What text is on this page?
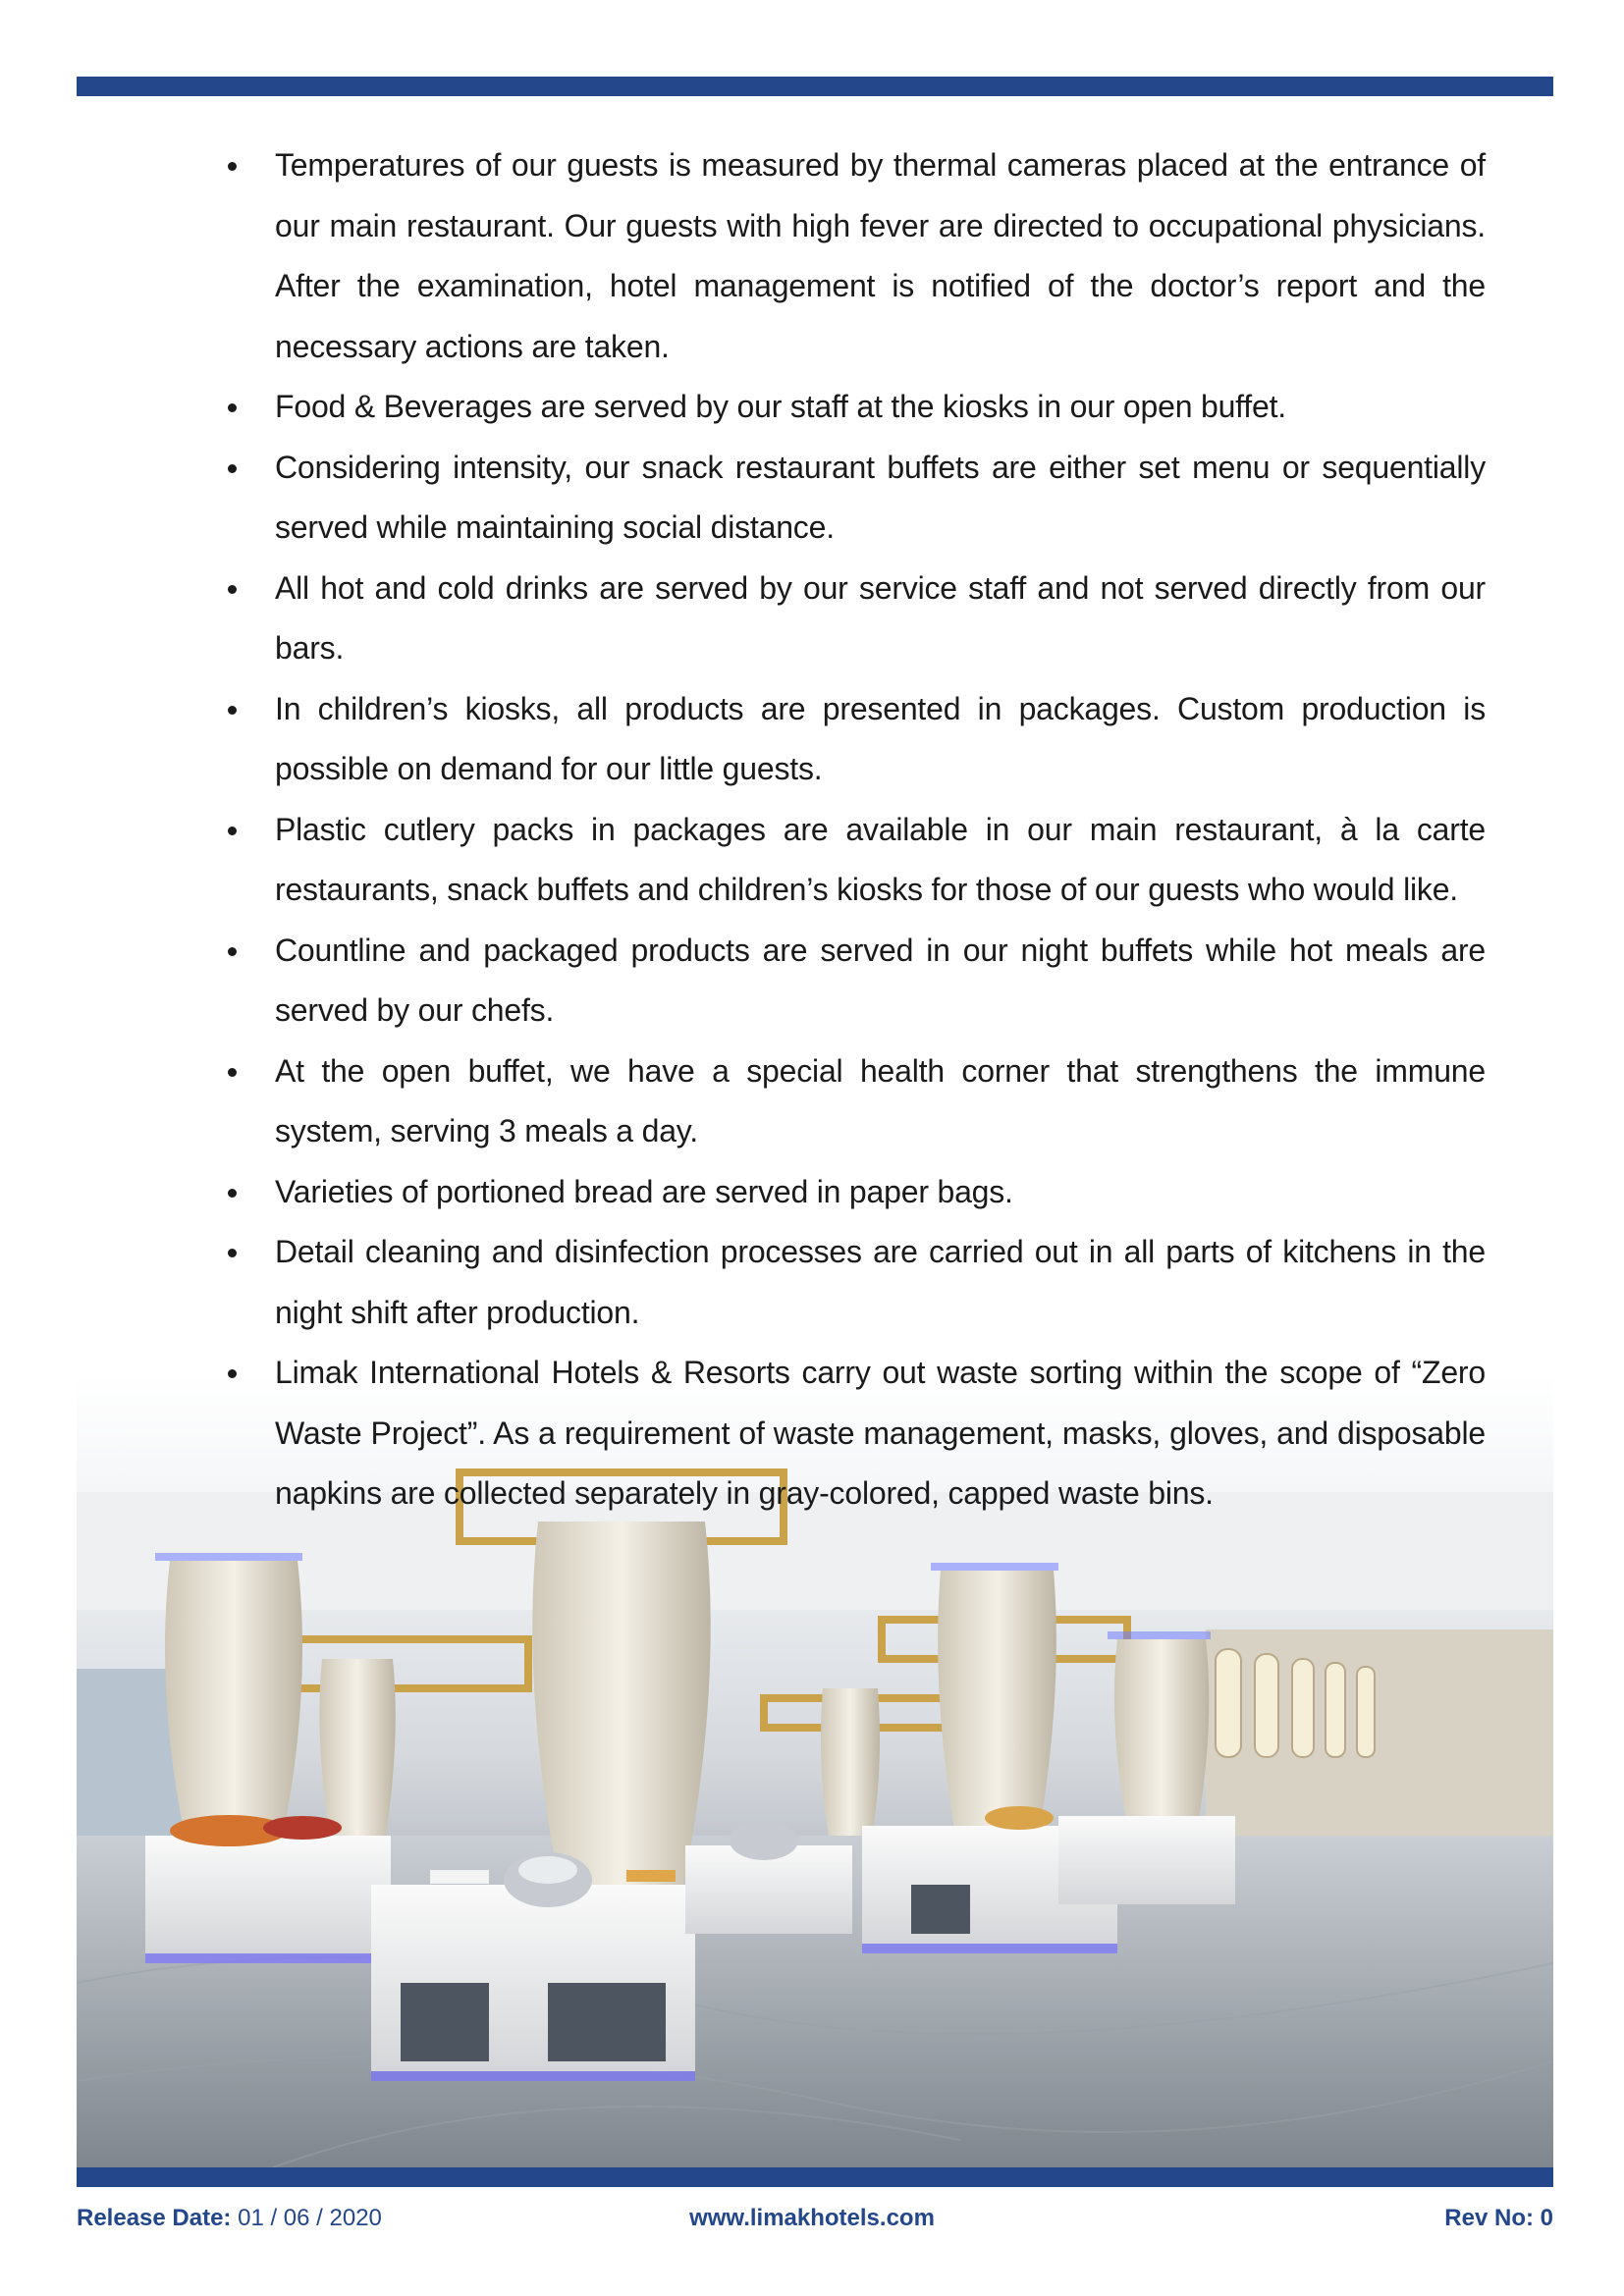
Temperatures of our guests is measured by thermal cameras placed at the entrance of our main restaurant. Our guests with high fever are directed to occupational physicians. After the examination, hotel management is notified of the doctor’s report and the necessary actions are taken.
Food & Beverages are served by our staff at the kiosks in our open buffet.
Considering intensity, our snack restaurant buffets are either set menu or sequentially served while maintaining social distance.
All hot and cold drinks are served by our service staff and not served directly from our bars.
In children’s kiosks, all products are presented in packages. Custom production is possible on demand for our little guests.
Plastic cutlery packs in packages are available in our main restaurant, à la carte restaurants, snack buffets and children’s kiosks for those of our guests who would like.
Countline and packaged products are served in our night buffets while hot meals are served by our chefs.
At the open buffet, we have a special health corner that strengthens the immune system, serving 3 meals a day.
Varieties of portioned bread are served in paper bags.
Detail cleaning and disinfection processes are carried out in all parts of kitchens in the night shift after production.
Limak International Hotels & Resorts carry out waste sorting within the scope of “Zero Waste Project”. As a requirement of waste management, masks, gloves, and disposable napkins are collected separately in gray-colored, capped waste bins.
Release Date: 01 / 06 / 2020	www.limakhotels.com	Rev No: 0
